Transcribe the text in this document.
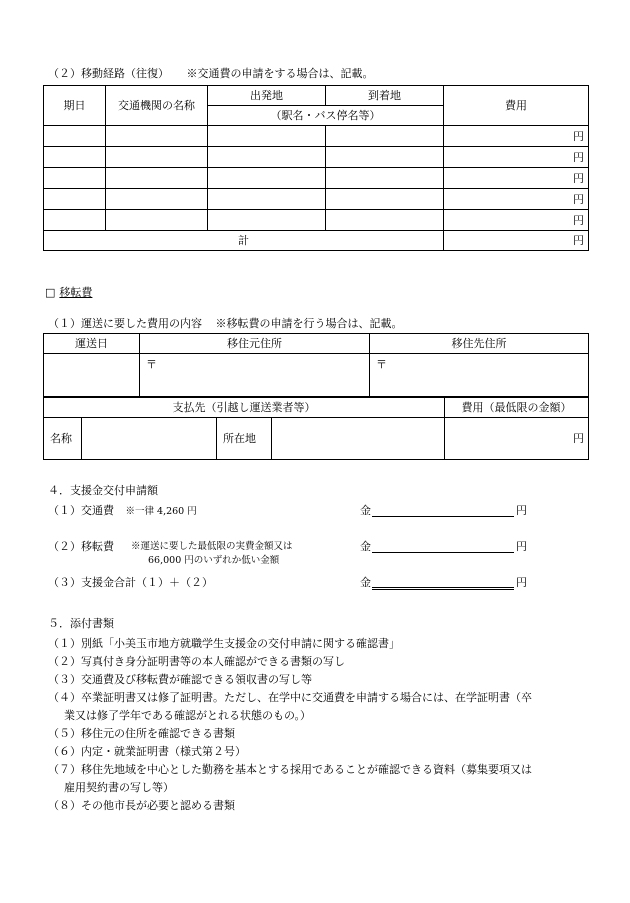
（２）移動経路（往復） ※交通費の申請をする場合は、記載。
期日	交通機関の名称	出発地	到着地	費用
		（駅名・バス停名等）		
				円
				円
				円
				円
				円
計				円
□ 移転費
（１）運送に要した費用の内容 ※移転費の申請を行う場合は、記載。
運送日	移住元住所	移住先住所
	〒	〒
支払先（引越し運送業者等）				費用（最低限の金額）
名称		所在地		円
４．支援金交付申請額
（１）交通費 ※一律 4,260 円	金	円
（２）移転費 ※運送に要した最低限の実費金額又は
66,000 円のいずれか低い金額
金	円
（３）支援金合計（１）＋（２）	金	円
５．添付書類
（１）別紙「小美玉市地方就職学生支援金の交付申請に関する確認書」
（２）写真付き身分証明書等の本人確認ができる書類の写し
（３）交通費及び移転費が確認できる領収書の写し等
（４）卒業証明書又は修了証明書。ただし、在学中に交通費を申請する場合には、在学証明書（卒
業又は修了学年である確認がとれる状態のもの。）
（５）移住元の住所を確認できる書類
（６）内定・就業証明書（様式第２号）
（７）移住先地域を中心とした勤務を基本とする採用であることが確認できる資料（募集要項又は
雇用契約書の写し等）
（８）その他市長が必要と認める書類
